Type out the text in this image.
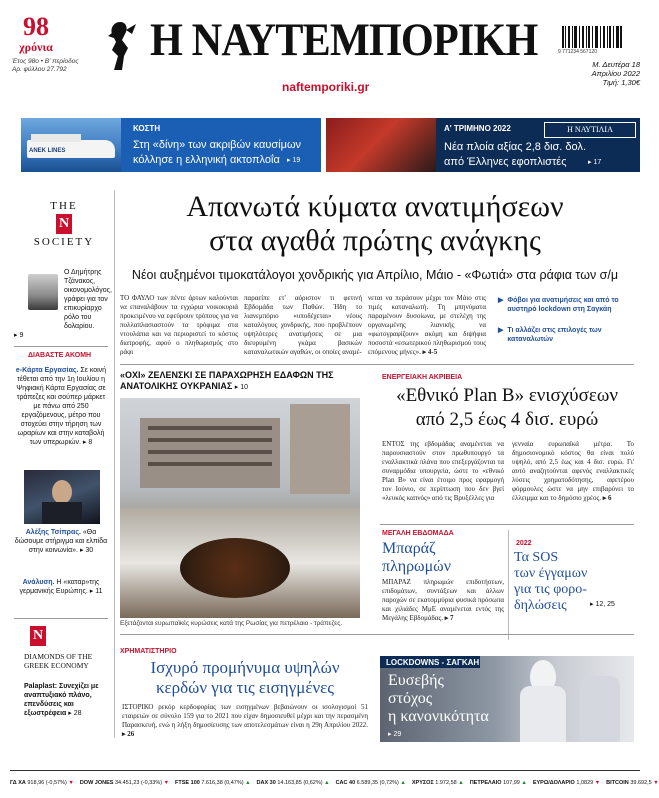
98
χρόνια
Έτος 98ο • Β' περίοδος
Αρ. φύλλου 27.792
Η ΝΑΥΤΕΜΠΟΡΙΚΗ
naftemporiki.gr
9 771234 567120
Μ. Δευτέρα 18
Απριλίου 2022
Τιμή: 1,30€
ANEK LINES
ΚΟΣΤΗ
Στη «δίνη» των ακριβών καυσίμων
κόλλησε η ελληνική ακτοπλοΐα ▸ 19
Α' ΤΡΙΜΗΝΟ 2022	Η ΝΑΥΤΙΛΙΑ
Νέα πλοία αξίας 2,8 δισ. δολ.
από Έλληνες εφοπλιστές	▸ 17
THE
N
SOCIETY
Ο Δημήτρης Τζάνακος, οικονομολόγος, γράφει για τον επικυρίαρχο ρόλο του δολαρίου.
▸ 9
ΔΙΑΒΑΣΤΕ ΑΚΟΜΗ
e-Κάρτα Εργασίας. Σε κοινή τέθεται από την 1η Ιουλίου η Ψηφιακή Κάρτα Εργασίας σε τράπεζες και σούπερ μάρκετ με πάνω από 250 εργαζόμενους, μέτρο που στοχεύει στην τήρηση των ωραρίων και στην καταβολή των υπερωριών. ▸ 8
Αλέξης Τσίπρας. «Θα δώσουμε στήριγμα και ελπίδα στην κοινωνία». ▸ 30
Ανάλυση. Η «καταρ»της γερμανικής Ευρώπης. ▸ 11
N
DIAMONDS OF THE GREEK ECONOMY
Palaplast: Συνεχίζει με αναπτυξιακό πλάνο, επενδύσεις και εξωστρέφεια ▸ 28
Απανωτά κύματα ανατιμήσεων
στα αγαθά πρώτης ανάγκης
Νέοι αυξημένοι τιμοκατάλογοι χονδρικής για Απρίλιο, Μάιο - «Φωτιά» στα ράφια των σ/μ
ΤΟ ΦΑΥΛΟ των πέντε άρτων καλούνται να επαναλάβουν τα εγχώρια νοικοκυριά προκειμένου να εφεύρουν τρόπους για να πολλαπλασιαστούν τα τρόφιμα στα ντουλάπια και να περιοριστεί το κόστος διατροφής, αφού ο πληθωρισμός στο ράφι
παραείπε ετ' αόριστον τι φετινή Εβδομάδα των Παθών. Ήδη το λιανεμπόριο «υποδέχεται» νέους καταλόγους χονδρικής, που προβλέπουν υψηλότερες ανατιμήσεις σε μια διευρυμένη γκάμα βασικών καταναλωτικών αγαθών, οι οποίες αναμέ-
νεται να περάσουν μέχρι τον Μάιο στις τιμές καταναλωτή. Τη μπηνύματα παραμένουν δυσοίωνα, με στελέχη της οργανωμένης λιανικής να «φωτογραφίζουν» ακόμη και διψήφια ποσοστά «εσωτερικού πληθωρισμού τους επόμενους μήνες». ▸ 4-5
▶ Φόβοι για ανατιμήσεις και από το αυστηρό lockdown στη Σαγκάη
▶ Τι αλλάζει στις επιλογές των καταναλωτών
«ΟΧΙ» ΖΕΛΕΝΣΚΙ ΣΕ ΠΑΡΑΧΩΡΗΣΗ ΕΔΑΦΩΝ ΤΗΣ ΑΝΑΤΟΛΙΚΗΣ ΟΥΚΡΑΝΙΑΣ ▸ 10
Εξετάζονται ευρωπαϊκές κυρώσεις κατά της Ρωσίας για πετρέλαιο - τράπεζες.
ΕΝΕΡΓΕΙΑΚΗ ΑΚΡΙΒΕΙΑ
«Εθνικό Plan B» ενισχύσεων
από 2,5 έως 4 δισ. ευρώ
ΕΝΤΟΣ της εβδομάδας αναμένεται να παρουσιαστούν στον πρωθυπουργό τα εναλλακτικά πλάνα που επεξεργάζονται τα συναρμόδια υπουργεία, ώστε το «εθνικό Plan B» να είναι έτοιμο προς εφαρμογή τον Ιούνιο, σε περίπτωση που δεν βγεί «λευκός καπνός» από τις Βρυξέλλες για
γενναία ευρωπαϊκά μέτρα. Το δημοσιονομικό κόστος θα είναι πολύ υψηλό, από 2,5 έως και 4 δισ. ευρώ. Γι' αυτό αναζητούνται αφενός εναλλακτικές λύσεις χρηματοδότησης, αφετέρου φόρμουλες ώστε να μην επιβαρύνει το έλλειμμα και το δημόσιο χρέος. ▸ 6
ΜΕΓΑΛΗ ΕΒΔΟΜΑΔΑ
Μπαράζ
πληρωμών
ΜΠΑΡΑΖ πληρωμών επιδοτήσεων, επιδομάτων, συντάξεων και άλλων παροχών σε εκατομμύρια φυσικά πρόσωπα και χιλιάδες ΜμΕ αναμένεται εντός της Μεγάλης Εβδομάδας. ▸ 7
2022
Τα SOS
των έγγαμων
για τις φορο-
δηλώσεις	▸ 12, 25
ΧΡΗΜΑΤΙΣΤΗΡΙΟ
Ισχυρό προμήνυμα υψηλών
κερδών για τις εισηγμένες
ΙΣΤΟΡΙΚΟ ρεκόρ κερδοφορίας των εισηγμένων βεβαιώνουν οι ισολογισμοί 51 εταιρειών σε σύνολο 159 για το 2021 που είχαν δημοσιευθεί μέχρι και την περασμένη Παρασκευή, ενώ η λήξη δημοσίευσης των αποτελεσμάτων είναι η 29η Απριλίου 2022. ▸ 26
LOCKDOWNS - ΣΑΓΚΑΗ
Ευσεβής
στόχος
η κανονικότητα
▸ 29
ΓΔ ΧΑ 918,96 (-0,57%) ▼ DOW JONES 34.451,23 (-0,33%) ▼ FTSE 100 7.616,38 (0,47%) ▲ DAX 30 14.163,85 (0,62%) ▲ CAC 40 6.589,35 (0,72%) ▲ ΧΡΥΣΟΣ 1.972,58 ▲ ΠΕΤΡΕΛΑΙΟ 107,99 ▲ ΕΥΡΩ/ΔΟΛΑΡΙΟ 1,0829 ▼ BITCOIN 39.692,5 ▼
